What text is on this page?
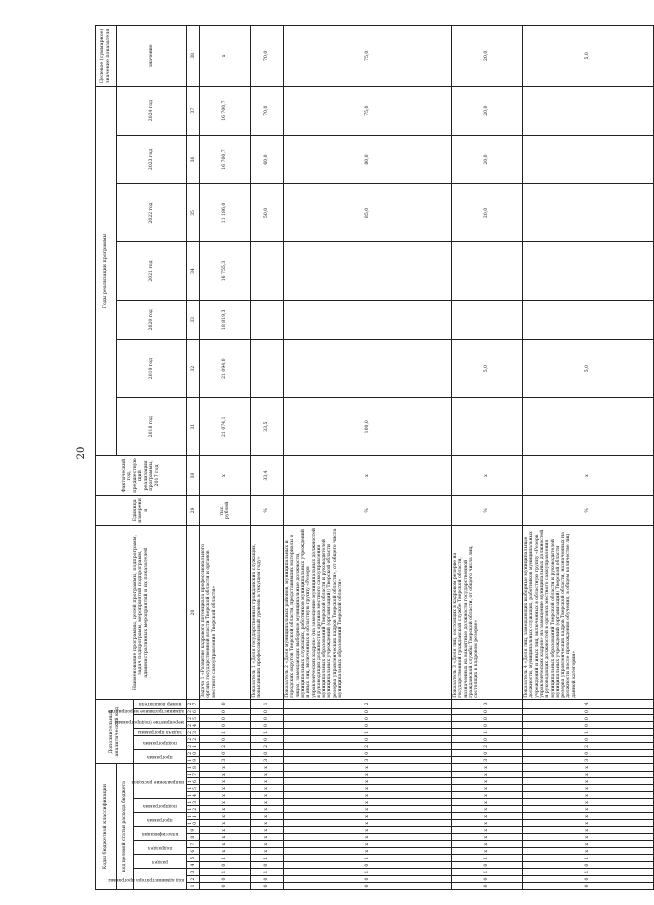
20
Коды бюджетной классификации																		Дополнительный аналитический код									Наименование программы, целей программы, подпрограмм, задач подпрограмм, мероприятий подпрограмм, административных мероприятий и их показателей	Единица измерения	Фактический год, предшествующий реализации программы, 2017 год	Годы реализации программы							Целевое (суммарное) значение показателя
код целевой статьи расхода бюджета																														2018 год	2019 год	2020 год	2021 год	2022 год	2023 год	2024 год	значение

код администратора программы			раздел		подраздел		классификация		программа		подпрограмма		направление расходов					программа		подпрограмма		задача программы	мероприятие (подпрограмма)		административное мероприятие	номер показателя											

1	2	3	4	5	6	7	8	9	10	11	12	13	14	15	16	17	18	19	20	21	22	23	24	25	26	27	28	29	30	31	32	33	34	35	36	37	38
0	0	1	0	1	x	x	x	x	x	x	x	x	x	x	x	x	x	3	0	2	0	1	0	0	0	0	Задача 1 «Развитие кадрового потенциала профессионального органа государственной власти Тверской области и органов местного самоуправления Тверской области»	тыс. рублей	x	21 074,1	21 094,0	18 819,3	16 755,3	11 186,0	16 700,7	16 700,7	x
0	0	1	0	1	x	x	x	x	x	x	x	x	x	x	x	x	x	3	0	2	0	1	0	0	0	1	Показатель 1 «Доля государственных гражданских служащих, повысивших профессиональный уровень в текущем году»	%	33,4	33,5				50,0	60,0	70,0	70,0
0	0	1	0	1	x	x	x	x	x	x	x	x	x	x	x	x	x	3	0	2	0	1	0	0	0	2	Показатель 2 «Доля муниципальных районов, муниципальных и городских округов Тверской области, представивших материалы о лицах, замещающих выборные муниципальные должности, муниципальных служащих, работников муниципальных учреждений и иных лиц, включенных в областную группу «Резерв управленческих кадров» (на замещение муниципальных должностей в руководящих должностях органов местного самоуправления муниципальных образований Тверской области и руководителей муниципальных учреждений (организаций)) Тверской области резерва управленческих кадров Тверской области», от общего числа муниципальных образований Тверской области»	%	x	100,0				85,0	80,0	75,0	75,0
0	0	1	0	1	x	x	x	x	x	x	x	x	x	x	x	x	x	3	0	2	0	1	0	0	0	3	Показатель 3 «Доля лиц, состоящих в кадровом резерве на государственной гражданской службе Тверской области, назначенных на вакантные должности государственной гражданской службы Тверской области, от общего числа лиц, состоящих в кадровом резерве»	%	x		5,0			20,0	20,0	20,0	20,0
0	0	1	0	1	x	x	x	x	x	x	x	x	x	x	x	x	x	3	0	2	0	1	0	0	0	4	Показатель 4 «Доля лиц, замещающих выборные муниципальные должности, муниципальных служащих, работников муниципальных учреждений и иных лиц, включенных в областную группу «Резерв управленческих кадров» на замещение муниципальных должностей и руководящих должностей в органах местного самоуправления муниципальных образований Тверской области и руководителей муниципальных учреждений (организаций) Тверской области резерва управленческих кадров Тверской области, назначенных на должности после прохождения обучения, в общем количестве лиц данной категории»	%	x		5,0						5,0
